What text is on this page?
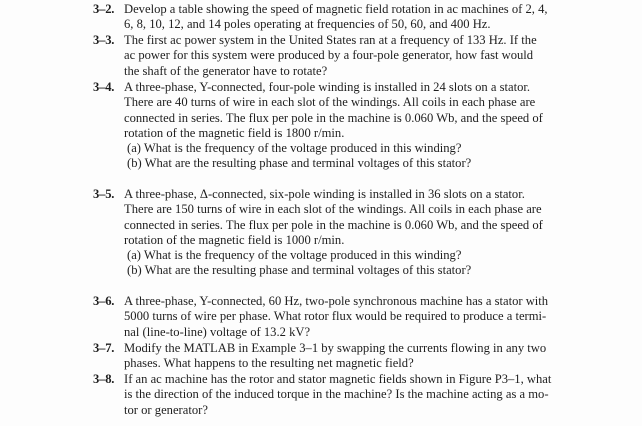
3–2. Develop a table showing the speed of magnetic field rotation in ac machines of 2, 4,
6, 8, 10, 12, and 14 poles operating at frequencies of 50, 60, and 400 Hz.
3–3. The first ac power system in the United States ran at a frequency of 133 Hz. If the
ac power for this system were produced by a four-pole generator, how fast would
the shaft of the generator have to rotate?
3–4. A three-phase, Y-connected, four-pole winding is installed in 24 slots on a stator.
There are 40 turns of wire in each slot of the windings. All coils in each phase are
connected in series. The flux per pole in the machine is 0.060 Wb, and the speed of
rotation of the magnetic field is 1800 r/min.
(a) What is the frequency of the voltage produced in this winding?
(b) What are the resulting phase and terminal voltages of this stator?
3–5. A three-phase, Δ-connected, six-pole winding is installed in 36 slots on a stator.
There are 150 turns of wire in each slot of the windings. All coils in each phase are
connected in series. The flux per pole in the machine is 0.060 Wb, and the speed of
rotation of the magnetic field is 1000 r/min.
(a) What is the frequency of the voltage produced in this winding?
(b) What are the resulting phase and terminal voltages of this stator?
3–6. A three-phase, Y-connected, 60 Hz, two-pole synchronous machine has a stator with
5000 turns of wire per phase. What rotor flux would be required to produce a termi-
nal (line-to-line) voltage of 13.2 kV?
3–7. Modify the MATLAB in Example 3–1 by swapping the currents flowing in any two
phases. What happens to the resulting net magnetic field?
3–8. If an ac machine has the rotor and stator magnetic fields shown in Figure P3–1, what
is the direction of the induced torque in the machine? Is the machine acting as a mo-
tor or generator?
